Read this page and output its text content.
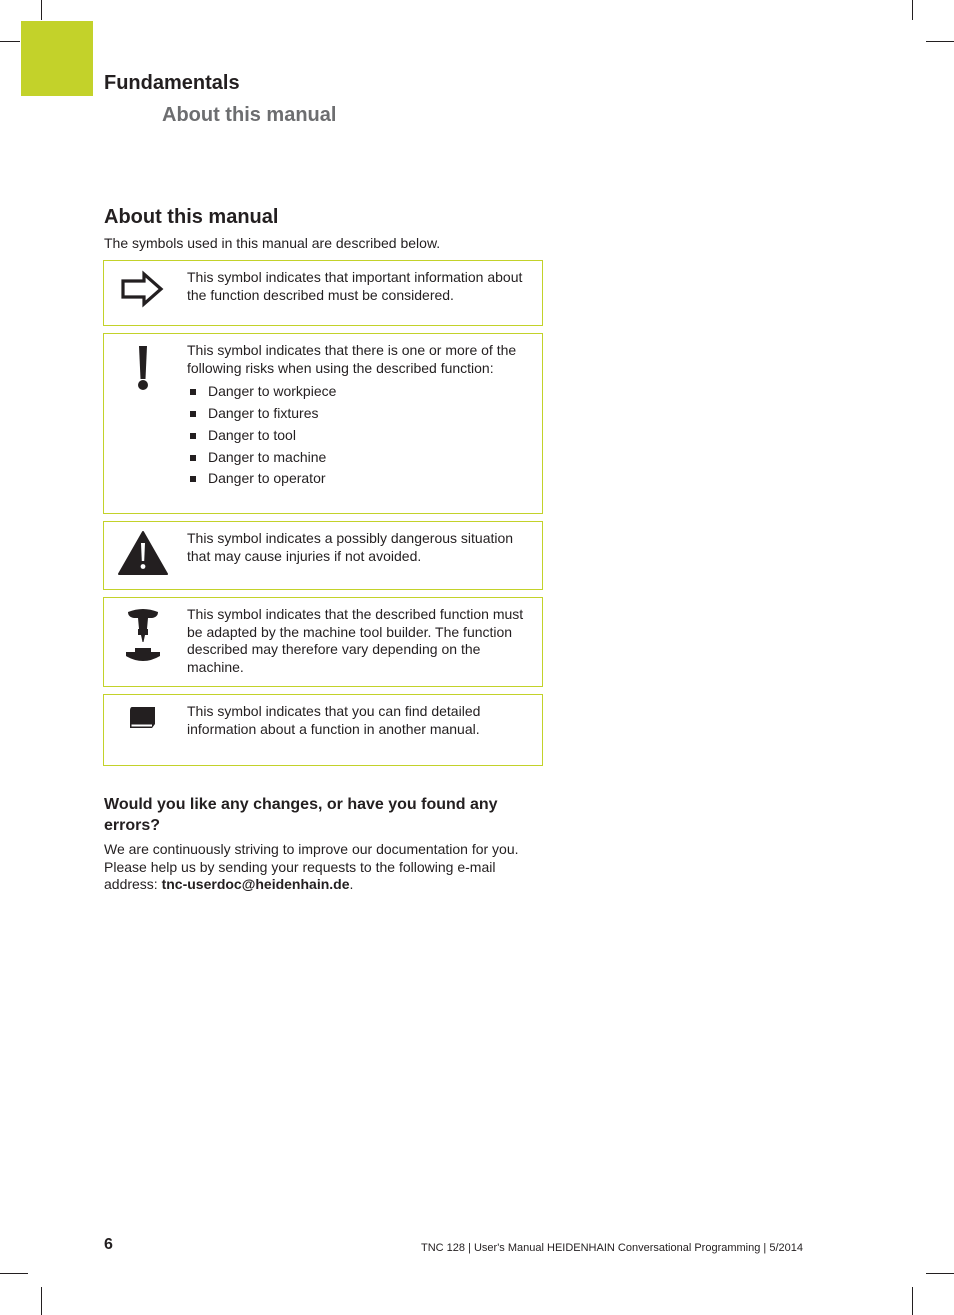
Fundamentals
About this manual
About this manual
The symbols used in this manual are described below.
This symbol indicates that important information about the function described must be considered.
This symbol indicates that there is one or more of the following risks when using the described function:
Danger to workpiece
Danger to fixtures
Danger to tool
Danger to machine
Danger to operator
This symbol indicates a possibly dangerous situation that may cause injuries if not avoided.
This symbol indicates that the described function must be adapted by the machine tool builder. The function described may therefore vary depending on the machine.
This symbol indicates that you can find detailed information about a function in another manual.
Would you like any changes, or have you found any errors?
We are continuously striving to improve our documentation for you. Please help us by sending your requests to the following e-mail address: tnc-userdoc@heidenhain.de.
6	TNC 128 | User's Manual HEIDENHAIN Conversational Programming | 5/2014
